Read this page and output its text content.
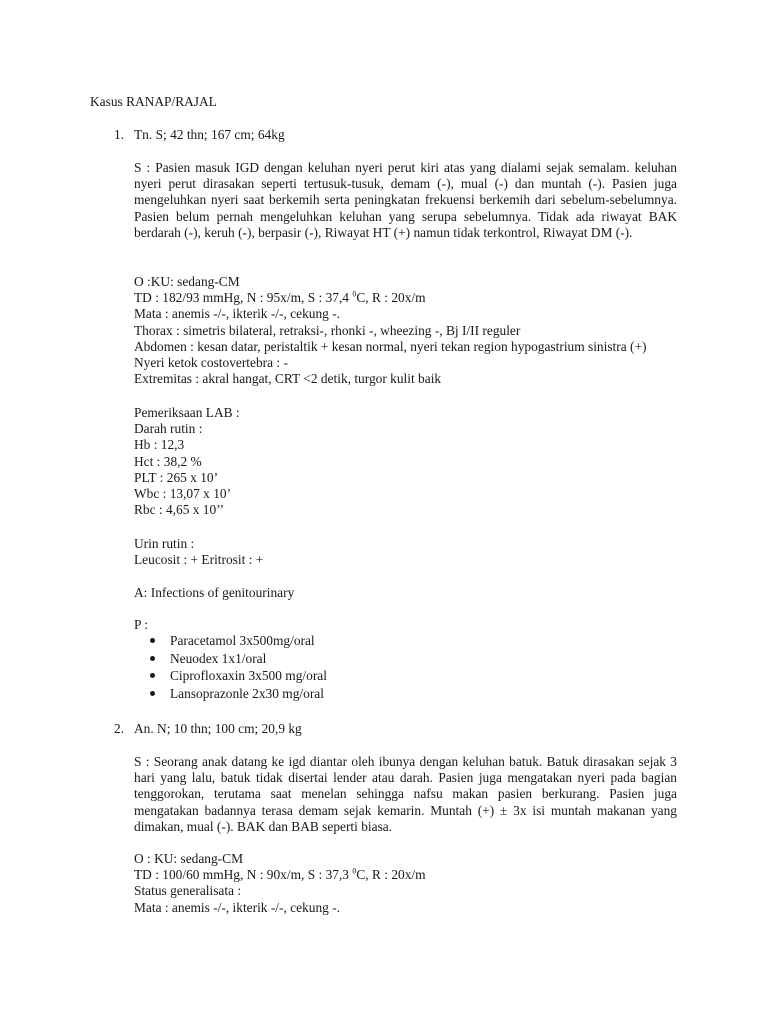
Kasus RANAP/RAJAL
1. Tn. S; 42 thn; 167 cm; 64kg
S : Pasien masuk IGD dengan keluhan nyeri perut kiri atas yang dialami sejak semalam. keluhan nyeri perut dirasakan seperti tertusuk-tusuk, demam (-), mual (-) dan muntah (-). Pasien juga mengeluhkan nyeri saat berkemih serta peningkatan frekuensi berkemih dari sebelum-sebelumnya. Pasien belum pernah mengeluhkan keluhan yang serupa sebelumnya. Tidak ada riwayat BAK berdarah (-), keruh (-), berpasir (-), Riwayat HT (+) namun tidak terkontrol, Riwayat DM (-).
O :KU: sedang-CM
TD : 182/93 mmHg, N : 95x/m, S : 37,4 $^0$C, R : 20x/m
Mata : anemis -/-, ikterik -/-, cekung -.
Thorax : simetris bilateral, retraksi-, rhonki -, wheezing -, Bj I/II reguler
Abdomen : kesan datar, peristaltik + kesan normal, nyeri tekan region hypogastrium sinistra (+)
Nyeri ketok costovertebra : -
Extremitas : akral hangat, CRT <2 detik, turgor kulit baik
Pemeriksaan LAB :
Darah rutin :
Hb : 12,3
Hct : 38,2 %
PLT : 265 x 10’
Wbc : 13,07 x 10’
Rbc : 4,65 x 10’’
Urin rutin :
Leucosit : + Eritrosit : +
A: Infections of genitourinary
P :
Paracetamol 3x500mg/oral
Neuodex 1x1/oral
Ciprofloxaxin 3x500 mg/oral
Lansoprazonle 2x30 mg/oral
2. An. N; 10 thn; 100 cm; 20,9 kg
S : Seorang anak datang ke igd diantar oleh ibunya dengan keluhan batuk. Batuk dirasakan sejak 3 hari yang lalu, batuk tidak disertai lender atau darah. Pasien juga mengatakan nyeri pada bagian tenggorokan, terutama saat menelan sehingga nafsu makan pasien berkurang. Pasien juga mengatakan badannya terasa demam sejak kemarin. Muntah (+) ± 3x isi muntah makanan yang dimakan, mual (-). BAK dan BAB seperti biasa.
O : KU: sedang-CM
TD : 100/60 mmHg, N : 90x/m, S : 37,3 $^0$C, R : 20x/m
Status generalisata :
Mata : anemis -/-, ikterik -/-, cekung -.
